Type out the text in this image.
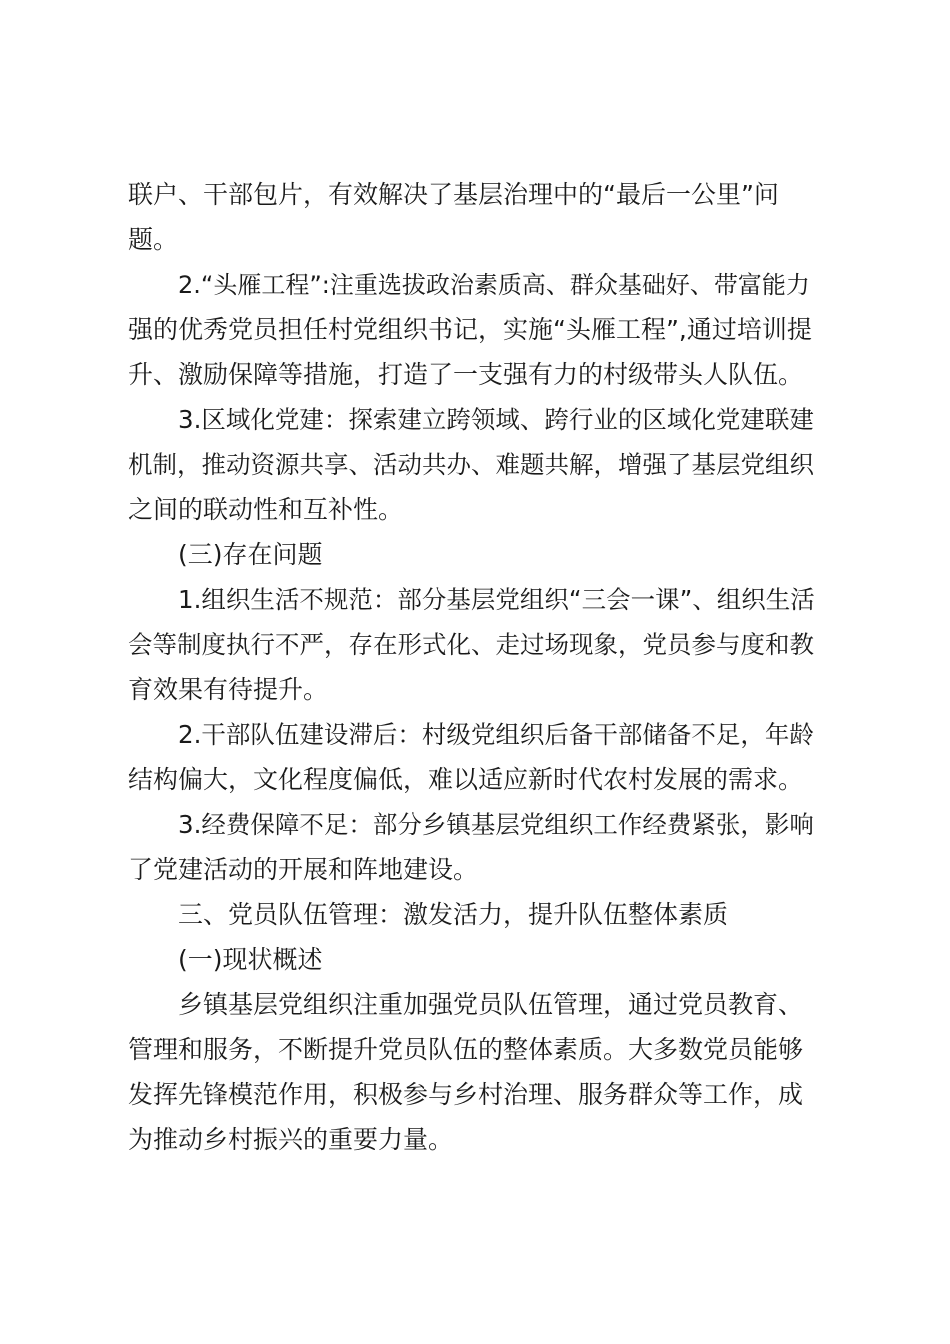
联户、干部包片，有效解决了基层治理中的“最后一公里”问
题。
2.“头雁工程”:注重选拔政治素质高、群众基础好、带富能力
强的优秀党员担任村党组织书记，实施“头雁工程”,通过培训提
升、激励保障等措施，打造了一支强有力的村级带头人队伍。
3.区域化党建：探索建立跨领域、跨行业的区域化党建联建
机制，推动资源共享、活动共办、难题共解，增强了基层党组织
之间的联动性和互补性。
(三)存在问题
1.组织生活不规范：部分基层党组织“三会一课”、组织生活
会等制度执行不严，存在形式化、走过场现象，党员参与度和教
育效果有待提升。
2.干部队伍建设滞后：村级党组织后备干部储备不足，年龄
结构偏大，文化程度偏低，难以适应新时代农村发展的需求。
3.经费保障不足：部分乡镇基层党组织工作经费紧张，影响
了党建活动的开展和阵地建设。
三、党员队伍管理：激发活力，提升队伍整体素质
(一)现状概述
乡镇基层党组织注重加强党员队伍管理，通过党员教育、
管理和服务，不断提升党员队伍的整体素质。大多数党员能够
发挥先锋模范作用，积极参与乡村治理、服务群众等工作，成
为推动乡村振兴的重要力量。
